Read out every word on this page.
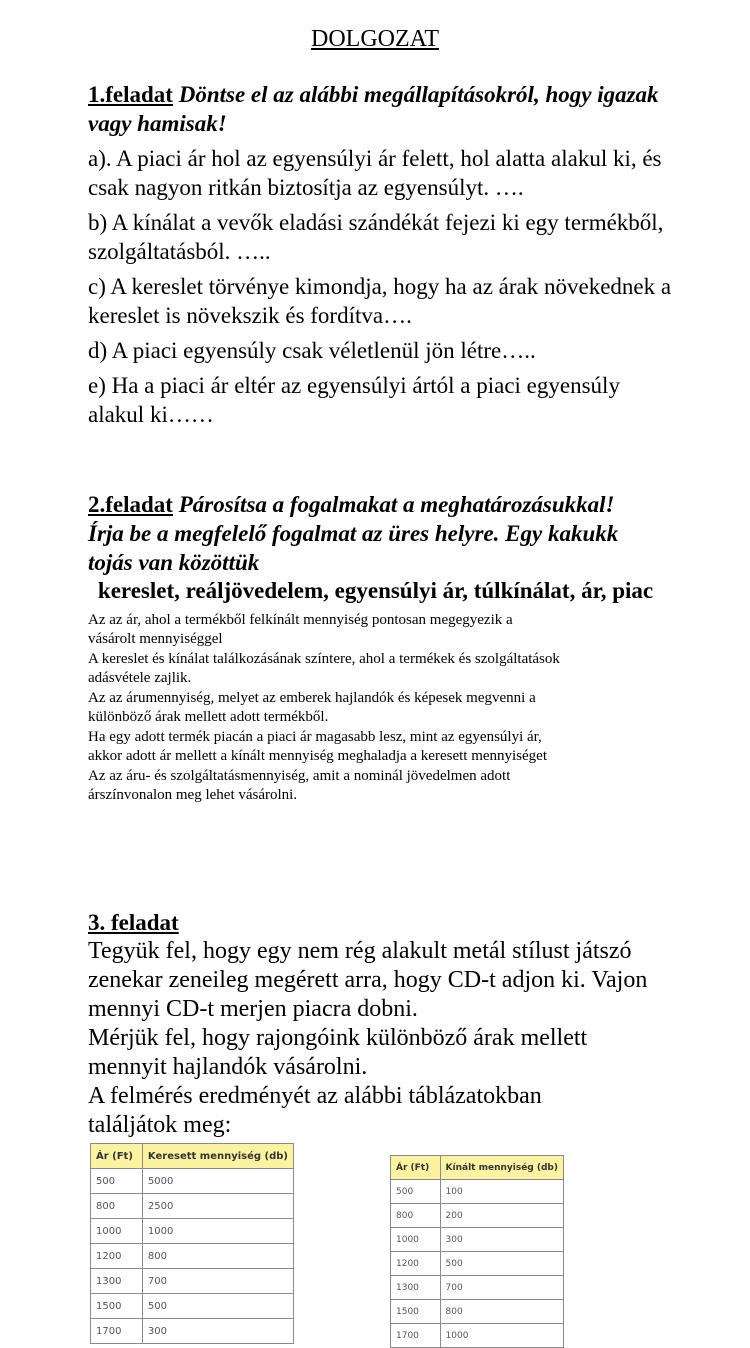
DOLGOZAT
1.feladat Döntse el az alábbi megállapításokról, hogy igazak vagy hamisak!
a). A piaci ár hol az egyensúlyi ár felett, hol alatta alakul ki, és csak nagyon ritkán biztosítja az egyensúlyt. ….
b) A kínálat a vevők eladási szándékát fejezi ki egy termékből, szolgáltatásból. …..
c) A kereslet törvénye kimondja, hogy ha az árak növekednek a kereslet is növekszik és fordítva….
d) A piaci egyensúly csak véletlenül jön létre…..
e) Ha a piaci ár eltér az egyensúlyi ártól a piaci egyensúly alakul ki……
2.feladat Párosítsa a fogalmakat a meghatározásukkal! Írja be a megfelelő fogalmat az üres helyre. Egy kakukk tojás van közöttük
kereslet, reáljövedelem, egyensúlyi ár, túlkínálat, ár, piac
Az az ár, ahol a termékből felkínált mennyiség pontosan megegyezik a vásárolt mennyiséggel
A kereslet és kínálat találkozásának színtere, ahol a termékek és szolgáltatások adásvétele zajlik.
Az az árumennyiség, melyet az emberek hajlandók és képesek megvenni a különböző árak mellett adott termékből.
Ha egy adott termék piacán a piaci ár magasabb lesz, mint az egyensúlyi ár, akkor adott ár mellett a kínált mennyiség meghaladja a keresett mennyiséget
Az az áru- és szolgáltatásmennyiség, amit a nominál jövedelmen adott árszínvonalon meg lehet vásárolni.
3. feladat
Tegyük fel, hogy egy nem rég alakult metál stílust játszó zenekar zeneileg megérett arra, hogy CD-t adjon ki. Vajon mennyi CD-t merjen piacra dobni.
Mérjük fel, hogy rajongóink különböző árak mellett mennyit hajlandók vásárolni.
A felmérés eredményét az alábbi táblázatokban találjátok meg:
Ár (Ft)	Keresett mennyiség (db)
500	5000
800	2500
1000	1000
1200	800
1300	700
1500	500
1700	300
Ár (Ft)	Kínált mennyiség (db)
500	100
800	200
1000	300
1200	500
1300	700
1500	800
1700	1000
